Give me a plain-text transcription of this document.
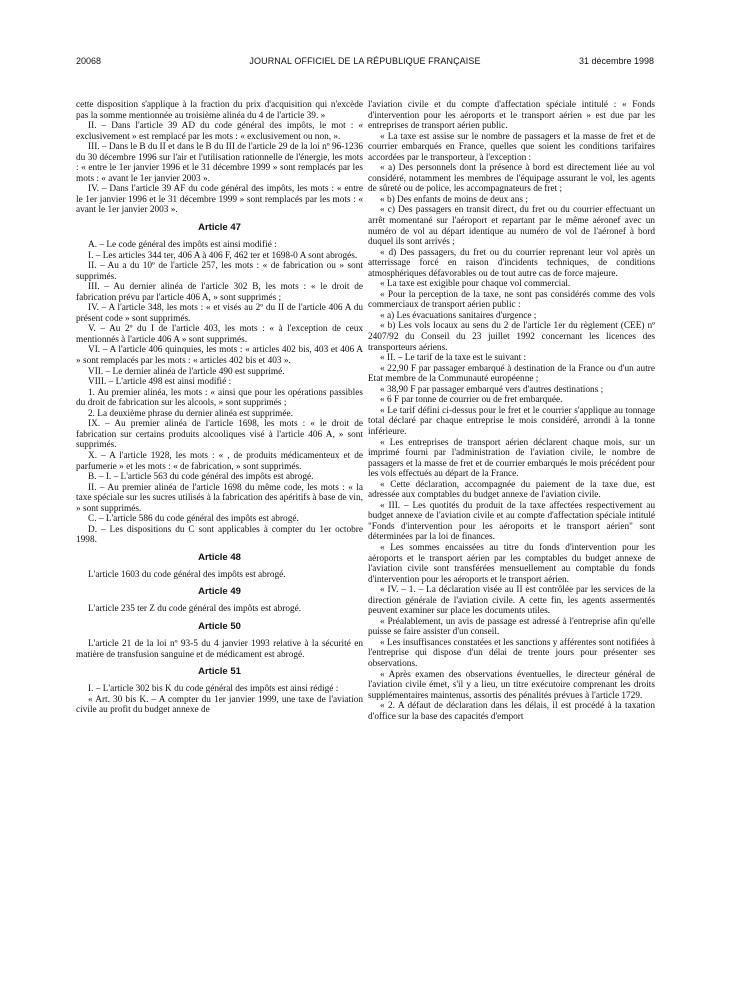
20068	JOURNAL OFFICIEL DE LA RÉPUBLIQUE FRANÇAISE	31 décembre 1998

cette disposition s'applique à la fraction du prix d'acquisition qui n'excède pas la somme mentionnée au troisième alinéa du 4 de l'article 39. »

II. – Dans l'article 39 AD du code général des impôts, le mot : « exclusivement » est remplacé par les mots : « exclusivement ou non, ».

III. – Dans le B du II et dans le B du III de l'article 29 de la loi nº 96-1236 du 30 décembre 1996 sur l'air et l'utilisation rationnelle de l'énergie, les mots : « entre le 1er janvier 1996 et le 31 décembre 1999 » sont remplacés par les mots : « avant le 1er janvier 2003 ».

IV. – Dans l'article 39 AF du code général des impôts, les mots : « entre le 1er janvier 1996 et le 31 décembre 1999 » sont remplacés par les mots : « avant le 1er janvier 2003 ».

Article 47

A. – Le code général des impôts est ainsi modifié :

I. – Les articles 344 ter, 406 A à 406 F, 462 ter et 1698-0 A sont abrogés.

II. – Au a du 10º de l'article 257, les mots : « de fabrication ou » sont supprimés.

III. – Au dernier alinéa de l'article 302 B, les mots : « le droit de fabrication prévu par l'article 406 A, » sont supprimés ;

IV. – A l'article 348, les mots : « et visés au 2º du II de l'article 406 A du présent code » sont supprimés.

V. – Au 2º du I de l'article 403, les mots : « à l'exception de ceux mentionnés à l'article 406 A » sont supprimés.

VI. – A l'article 406 quinquies, les mots : « articles 402 bis, 403 et 406 A » sont remplacés par les mots : « articles 402 bis et 403 ».

VII. – Le dernier alinéa de l'article 490 est supprimé.

VIII. – L'article 498 est ainsi modifié :

1. Au premier alinéa, les mots : « ainsi que pour les opérations passibles du droit de fabrication sur les alcools, » sont supprimés ;

2. La deuxième phrase du dernier alinéa est supprimée.

IX. – Au premier alinéa de l'article 1698, les mots : « le droit de fabrication sur certains produits alcooliques visé à l'article 406 A, » sont supprimés.

X. – A l'article 1928, les mots : « , de produits médicamenteux et de parfumerie » et les mots : « de fabrication, » sont supprimés.

B. – I. – L'article 563 du code général des impôts est abrogé.

II. – Au premier alinéa de l'article 1698 du même code, les mots : « la taxe spéciale sur les sucres utilisés à la fabrication des apéritifs à base de vin, » sont supprimés.

C. – L'article 586 du code général des impôts est abrogé.

D. – Les dispositions du C sont applicables à compter du 1er octobre 1998.

Article 48

L'article 1603 du code général des impôts est abrogé.

Article 49

L'article 235 ter Z du code général des impôts est abrogé.

Article 50

L'article 21 de la loi nº 93-5 du 4 janvier 1993 relative à la sécurité en matière de transfusion sanguine et de médicament est abrogé.

Article 51

I. – L'article 302 bis K du code général des impôts est ainsi rédigé :

« Art. 30 bis K. – A compter du 1er janvier 1999, une taxe de l'aviation civile au profit du budget annexe de

l'aviation civile et du compte d'affectation spéciale intitulé : « Fonds d'intervention pour les aéroports et le transport aérien » est due par les entreprises de transport aérien public.

« La taxe est assise sur le nombre de passagers et la masse de fret et de courrier embarqués en France, quelles que soient les conditions tarifaires accordées par le transporteur, à l'exception :

« a) Des personnels dont la présence à bord est directement liée au vol considéré, notamment les membres de l'équipage assurant le vol, les agents de sûreté ou de police, les accompagnateurs de fret ;

« b) Des enfants de moins de deux ans ;

« c) Des passagers en transit direct, du fret ou du courrier effectuant un arrêt momentané sur l'aéroport et repartant par le même aéronef avec un numéro de vol au départ identique au numéro de vol de l'aéronef à bord duquel ils sont arrivés ;

« d) Des passagers, du fret ou du courrier reprenant leur vol après un atterrissage forcé en raison d'incidents techniques, de conditions atmosphériques défavorables ou de tout autre cas de force majeure.

« La taxe est exigible pour chaque vol commercial.

« Pour la perception de la taxe, ne sont pas considérés comme des vols commerciaux de transport aérien public :

« a) Les évacuations sanitaires d'urgence ;

« b) Les vols locaux au sens du 2 de l'article 1er du règlement (CEE) nº 2407/92 du Conseil du 23 juillet 1992 concernant les licences des transporteurs aériens.

« II. – Le tarif de la taxe est le suivant :

« 22,90 F par passager embarqué à destination de la France ou d'un autre Etat membre de la Communauté européenne ;

« 38,90 F par passager embarqué vers d'autres destinations ;

« 6 F par tonne de courrier ou de fret embarquée.

« Le tarif défini ci-dessus pour le fret et le courrier s'applique au tonnage total déclaré par chaque entreprise le mois considéré, arrondi à la tonne inférieure.

« Les entreprises de transport aérien déclarent chaque mois, sur un imprimé fourni par l'administration de l'aviation civile, le nombre de passagers et la masse de fret et de courrier embarqués le mois précédent pour les vols effectués au départ de la France.

« Cette déclaration, accompagnée du paiement de la taxe due, est adressée aux comptables du budget annexe de l'aviation civile.

« III. – Les quotités du produit de la taxe affectées respectivement au budget annexe de l'aviation civile et au compte d'affectation spéciale intitulé "Fonds d'intervention pour les aéroports et le transport aérien" sont déterminées par la loi de finances.

« Les sommes encaissées au titre du fonds d'intervention pour les aéroports et le transport aérien par les comptables du budget annexe de l'aviation civile sont transférées mensuellement au comptable du fonds d'intervention pour les aéroports et le transport aérien.

« IV. – 1. – La déclaration visée au II est contrôlée par les services de la direction générale de l'aviation civile. A cette fin, les agents assermentés peuvent examiner sur place les documents utiles.

« Préalablement, un avis de passage est adressé à l'entreprise afin qu'elle puisse se faire assister d'un conseil.

« Les insuffisances constatées et les sanctions y afférentes sont notifiées à l'entreprise qui dispose d'un délai de trente jours pour présenter ses observations.

« Après examen des observations éventuelles, le directeur général de l'aviation civile émet, s'il y a lieu, un titre exécutoire comprenant les droits supplémentaires maintenus, assortis des pénalités prévues à l'article 1729.

« 2. A défaut de déclaration dans les délais, il est procédé à la taxation d'office sur la base des capacités d'emport
